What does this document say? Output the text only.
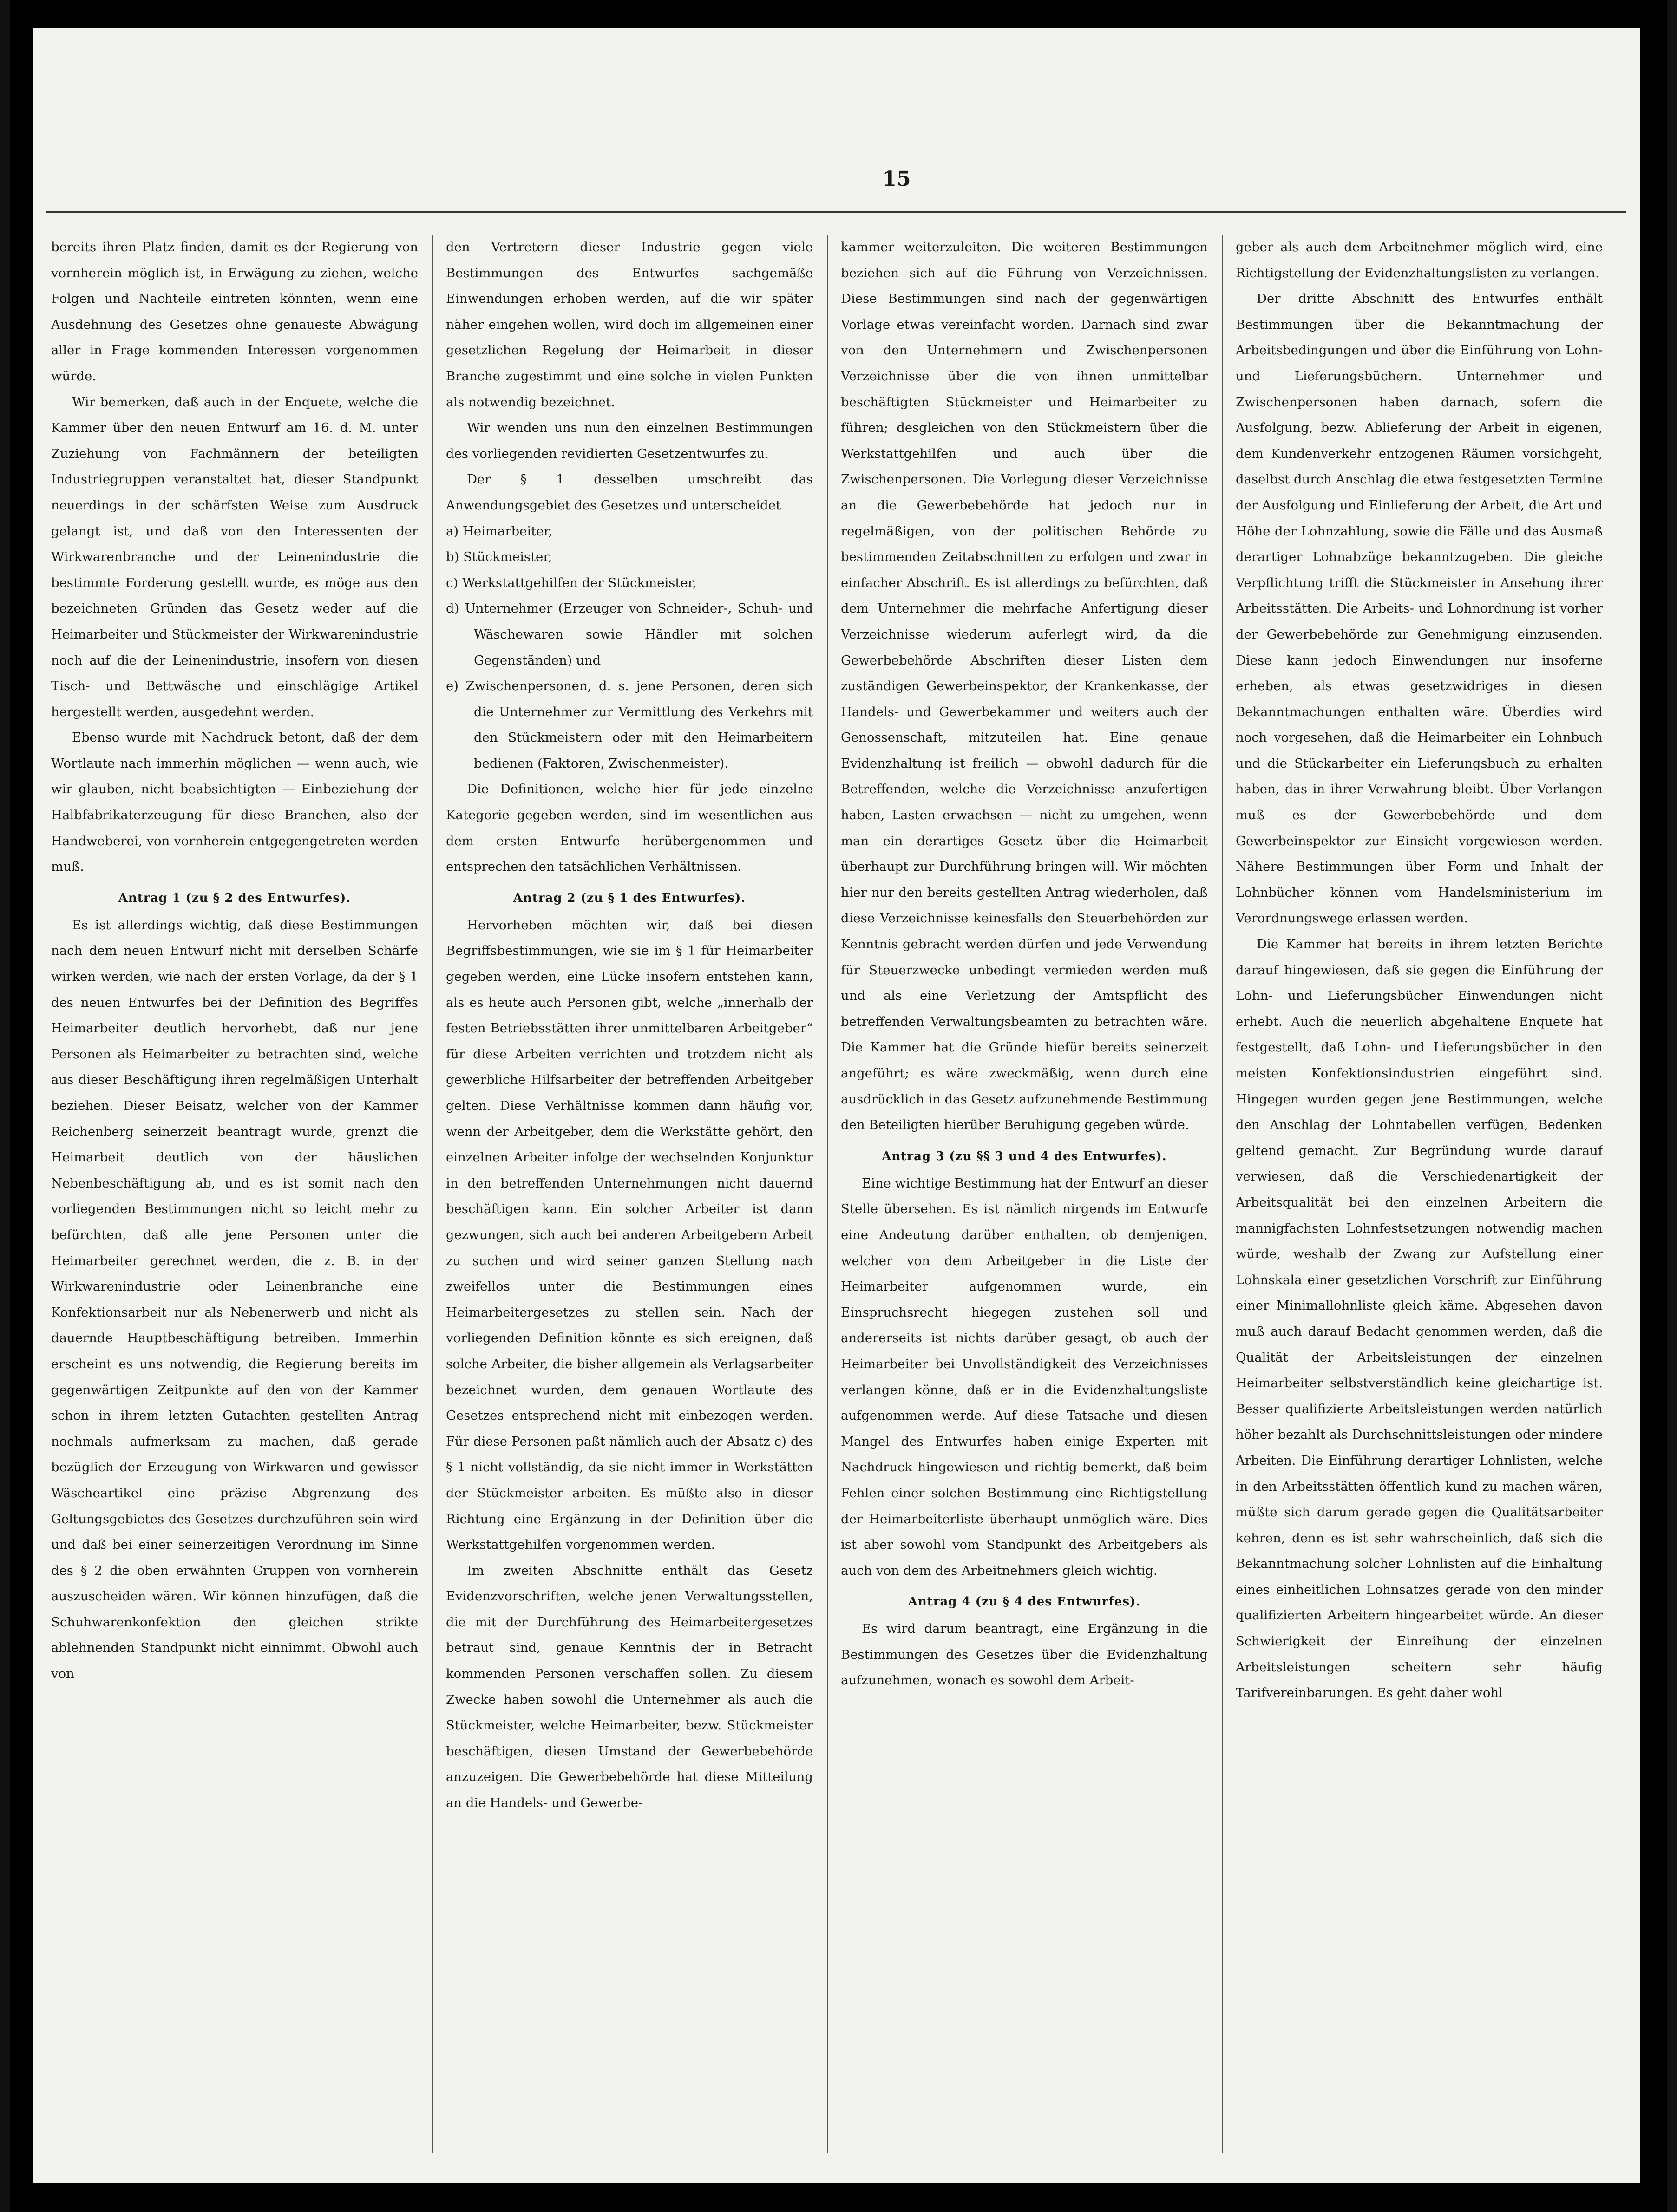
15

bereits ihren Platz finden, damit es der Regierung von vornherein möglich ist, in Erwägung zu ziehen, welche Folgen und Nachteile eintreten könnten, wenn eine Ausdehnung des Gesetzes ohne genaueste Abwägung aller in Frage kommenden Interessen vorgenommen würde.

Wir bemerken, daß auch in der Enquete, welche die Kammer über den neuen Entwurf am 16. d. M. unter Zuziehung von Fachmännern der beteiligten Industriegruppen veranstaltet hat, dieser Standpunkt neuerdings in der schärfsten Weise zum Ausdruck gelangt ist, und daß von den Interessenten der Wirkwarenbranche und der Leinenindustrie die bestimmte Forderung gestellt wurde, es möge aus den bezeichneten Gründen das Gesetz weder auf die Heimarbeiter und Stückmeister der Wirkwarenindustrie noch auf die der Leinenindustrie, insofern von diesen Tisch- und Bettwäsche und einschlägige Artikel hergestellt werden, ausgedehnt werden.

Ebenso wurde mit Nachdruck betont, daß der dem Wortlaute nach immerhin möglichen — wenn auch, wie wir glauben, nicht beabsichtigten — Einbeziehung der Halbfabrikaterzeugung für diese Branchen, also der Handweberei, von vornherein entgegengetreten werden muß.

Antrag 1 (zu § 2 des Entwurfes).

Es ist allerdings wichtig, daß diese Bestimmungen nach dem neuen Entwurf nicht mit derselben Schärfe wirken werden, wie nach der ersten Vorlage, da der § 1 des neuen Entwurfes bei der Definition des Begriffes Heimarbeiter deutlich hervorhebt, daß nur jene Personen als Heimarbeiter zu betrachten sind, welche aus dieser Beschäftigung ihren regelmäßigen Unterhalt beziehen. Dieser Beisatz, welcher von der Kammer Reichenberg seinerzeit beantragt wurde, grenzt die Heimarbeit deutlich von der häuslichen Nebenbeschäftigung ab, und es ist somit nach den vorliegenden Bestimmungen nicht so leicht mehr zu befürchten, daß alle jene Personen unter die Heimarbeiter gerechnet werden, die z. B. in der Wirkwarenindustrie oder Leinenbranche eine Konfektionsarbeit nur als Nebenerwerb und nicht als dauernde Hauptbeschäftigung betreiben. Immerhin erscheint es uns notwendig, die Regierung bereits im gegenwärtigen Zeitpunkte auf den von der Kammer schon in ihrem letzten Gutachten gestellten Antrag nochmals aufmerksam zu machen, daß gerade bezüglich der Erzeugung von Wirkwaren und gewisser Wäscheartikel eine präzise Abgrenzung des Geltungsgebietes des Gesetzes durchzuführen sein wird und daß bei einer seinerzeitigen Verordnung im Sinne des § 2 die oben erwähnten Gruppen von vornherein auszuscheiden wären. Wir können hinzufügen, daß die Schuhwarenkonfektion den gleichen strikte ablehnenden Standpunkt nicht einnimmt. Obwohl auch von

den Vertretern dieser Industrie gegen viele Bestimmungen des Entwurfes sachgemäße Einwendungen erhoben werden, auf die wir später näher eingehen wollen, wird doch im allgemeinen einer gesetzlichen Regelung der Heimarbeit in dieser Branche zugestimmt und eine solche in vielen Punkten als notwendig bezeichnet.

Wir wenden uns nun den einzelnen Bestimmungen des vorliegenden revidierten Gesetzentwurfes zu.

Der § 1 desselben umschreibt das Anwendungsgebiet des Gesetzes und unterscheidet

a) Heimarbeiter,
b) Stückmeister,
c) Werkstattgehilfen der Stückmeister,
d) Unternehmer (Erzeuger von Schneider-, Schuh- und Wäschewaren sowie Händler mit solchen Gegenständen) und
e) Zwischenpersonen, d. s. jene Personen, deren sich die Unternehmer zur Vermittlung des Verkehrs mit den Stückmeistern oder mit den Heimarbeitern bedienen (Faktoren, Zwischenmeister).

Die Definitionen, welche hier für jede einzelne Kategorie gegeben werden, sind im wesentlichen aus dem ersten Entwurfe herübergenommen und entsprechen den tatsächlichen Verhältnissen.

Antrag 2 (zu § 1 des Entwurfes).

Hervorheben möchten wir, daß bei diesen Begriffsbestimmungen, wie sie im § 1 für Heimarbeiter gegeben werden, eine Lücke insofern entstehen kann, als es heute auch Personen gibt, welche „innerhalb der festen Betriebsstätten ihrer unmittelbaren Arbeitgeber“ für diese Arbeiten verrichten und trotzdem nicht als gewerbliche Hilfsarbeiter der betreffenden Arbeitgeber gelten. Diese Verhältnisse kommen dann häufig vor, wenn der Arbeitgeber, dem die Werkstätte gehört, den einzelnen Arbeiter infolge der wechselnden Konjunktur in den betreffenden Unternehmungen nicht dauernd beschäftigen kann. Ein solcher Arbeiter ist dann gezwungen, sich auch bei anderen Arbeitgebern Arbeit zu suchen und wird seiner ganzen Stellung nach zweifellos unter die Bestimmungen eines Heimarbeitergesetzes zu stellen sein. Nach der vorliegenden Definition könnte es sich ereignen, daß solche Arbeiter, die bisher allgemein als Verlagsarbeiter bezeichnet wurden, dem genauen Wortlaute des Gesetzes entsprechend nicht mit einbezogen werden. Für diese Personen paßt nämlich auch der Absatz c) des § 1 nicht vollständig, da sie nicht immer in Werkstätten der Stückmeister arbeiten. Es müßte also in dieser Richtung eine Ergänzung in der Definition über die Werkstattgehilfen vorgenommen werden.

Im zweiten Abschnitte enthält das Gesetz Evidenzvorschriften, welche jenen Verwaltungsstellen, die mit der Durchführung des Heimarbeitergesetzes betraut sind, genaue Kenntnis der in Betracht kommenden Personen verschaffen sollen. Zu diesem Zwecke haben sowohl die Unternehmer als auch die Stückmeister, welche Heimarbeiter, bezw. Stückmeister beschäftigen, diesen Umstand der Gewerbebehörde anzuzeigen. Die Gewerbebehörde hat diese Mitteilung an die Handels- und Gewerbe-

kammer weiterzuleiten. Die weiteren Bestimmungen beziehen sich auf die Führung von Verzeichnissen. Diese Bestimmungen sind nach der gegenwärtigen Vorlage etwas vereinfacht worden. Darnach sind zwar von den Unternehmern und Zwischenpersonen Verzeichnisse über die von ihnen unmittelbar beschäftigten Stückmeister und Heimarbeiter zu führen; desgleichen von den Stückmeistern über die Werkstattgehilfen und auch über die Zwischenpersonen. Die Vorlegung dieser Verzeichnisse an die Gewerbebehörde hat jedoch nur in regelmäßigen, von der politischen Behörde zu bestimmenden Zeitabschnitten zu erfolgen und zwar in einfacher Abschrift. Es ist allerdings zu befürchten, daß dem Unternehmer die mehrfache Anfertigung dieser Verzeichnisse wiederum auferlegt wird, da die Gewerbebehörde Abschriften dieser Listen dem zuständigen Gewerbeinspektor, der Krankenkasse, der Handels- und Gewerbekammer und weiters auch der Genossenschaft, mitzuteilen hat. Eine genaue Evidenzhaltung ist freilich — obwohl dadurch für die Betreffenden, welche die Verzeichnisse anzufertigen haben, Lasten erwachsen — nicht zu umgehen, wenn man ein derartiges Gesetz über die Heimarbeit überhaupt zur Durchführung bringen will. Wir möchten hier nur den bereits gestellten Antrag wiederholen, daß diese Verzeichnisse keinesfalls den Steuerbehörden zur Kenntnis gebracht werden dürfen und jede Verwendung für Steuerzwecke unbedingt vermieden werden muß und als eine Verletzung der Amtspflicht des betreffenden Verwaltungsbeamten zu betrachten wäre. Die Kammer hat die Gründe hiefür bereits seinerzeit angeführt; es wäre zweckmäßig, wenn durch eine ausdrücklich in das Gesetz aufzunehmende Bestimmung den Beteiligten hierüber Beruhigung gegeben würde.

Antrag 3 (zu §§ 3 und 4 des Entwurfes).

Eine wichtige Bestimmung hat der Entwurf an dieser Stelle übersehen. Es ist nämlich nirgends im Entwurfe eine Andeutung darüber enthalten, ob demjenigen, welcher von dem Arbeitgeber in die Liste der Heimarbeiter aufgenommen wurde, ein Einspruchsrecht hiegegen zustehen soll und andererseits ist nichts darüber gesagt, ob auch der Heimarbeiter bei Unvollständigkeit des Verzeichnisses verlangen könne, daß er in die Evidenzhaltungsliste aufgenommen werde. Auf diese Tatsache und diesen Mangel des Entwurfes haben einige Experten mit Nachdruck hingewiesen und richtig bemerkt, daß beim Fehlen einer solchen Bestimmung eine Richtigstellung der Heimarbeiterliste überhaupt unmöglich wäre. Dies ist aber sowohl vom Standpunkt des Arbeitgebers als auch von dem des Arbeitnehmers gleich wichtig.

Antrag 4 (zu § 4 des Entwurfes).

Es wird darum beantragt, eine Ergänzung in die Bestimmungen des Gesetzes über die Evidenzhaltung aufzunehmen, wonach es sowohl dem Arbeit-

geber als auch dem Arbeitnehmer möglich wird, eine Richtigstellung der Evidenzhaltungslisten zu verlangen.

Der dritte Abschnitt des Entwurfes enthält Bestimmungen über die Bekanntmachung der Arbeitsbedingungen und über die Einführung von Lohn- und Lieferungsbüchern. Unternehmer und Zwischenpersonen haben darnach, sofern die Ausfolgung, bezw. Ablieferung der Arbeit in eigenen, dem Kundenverkehr entzogenen Räumen vorsichgeht, daselbst durch Anschlag die etwa festgesetzten Termine der Ausfolgung und Einlieferung der Arbeit, die Art und Höhe der Lohnzahlung, sowie die Fälle und das Ausmaß derartiger Lohnabzüge bekanntzugeben. Die gleiche Verpflichtung trifft die Stückmeister in Ansehung ihrer Arbeitsstätten. Die Arbeits- und Lohnordnung ist vorher der Gewerbebehörde zur Genehmigung einzusenden. Diese kann jedoch Einwendungen nur insoferne erheben, als etwas gesetzwidriges in diesen Bekanntmachungen enthalten wäre. Überdies wird noch vorgesehen, daß die Heimarbeiter ein Lohnbuch und die Stückarbeiter ein Lieferungsbuch zu erhalten haben, das in ihrer Verwahrung bleibt. Über Verlangen muß es der Gewerbebehörde und dem Gewerbeinspektor zur Einsicht vorgewiesen werden. Nähere Bestimmungen über Form und Inhalt der Lohnbücher können vom Handelsministerium im Verordnungswege erlassen werden.

Die Kammer hat bereits in ihrem letzten Berichte darauf hingewiesen, daß sie gegen die Einführung der Lohn- und Lieferungsbücher Einwendungen nicht erhebt. Auch die neuerlich abgehaltene Enquete hat festgestellt, daß Lohn- und Lieferungsbücher in den meisten Konfektionsindustrien eingeführt sind. Hingegen wurden gegen jene Bestimmungen, welche den Anschlag der Lohntabellen verfügen, Bedenken geltend gemacht. Zur Begründung wurde darauf verwiesen, daß die Verschiedenartigkeit der Arbeitsqualität bei den einzelnen Arbeitern die mannigfachsten Lohnfestsetzungen notwendig machen würde, weshalb der Zwang zur Aufstellung einer Lohnskala einer gesetzlichen Vorschrift zur Einführung einer Minimallohnliste gleich käme. Abgesehen davon muß auch darauf Bedacht genommen werden, daß die Qualität der Arbeitsleistungen der einzelnen Heimarbeiter selbstverständlich keine gleichartige ist. Besser qualifizierte Arbeitsleistungen werden natürlich höher bezahlt als Durchschnittsleistungen oder mindere Arbeiten. Die Einführung derartiger Lohnlisten, welche in den Arbeitsstätten öffentlich kund zu machen wären, müßte sich darum gerade gegen die Qualitätsarbeiter kehren, denn es ist sehr wahrscheinlich, daß sich die Bekanntmachung solcher Lohnlisten auf die Einhaltung eines einheitlichen Lohnsatzes gerade von den minder qualifizierten Arbeitern hingearbeitet würde. An dieser Schwierigkeit der Einreihung der einzelnen Arbeitsleistungen scheitern sehr häufig Tarifvereinbarungen. Es geht daher wohl
